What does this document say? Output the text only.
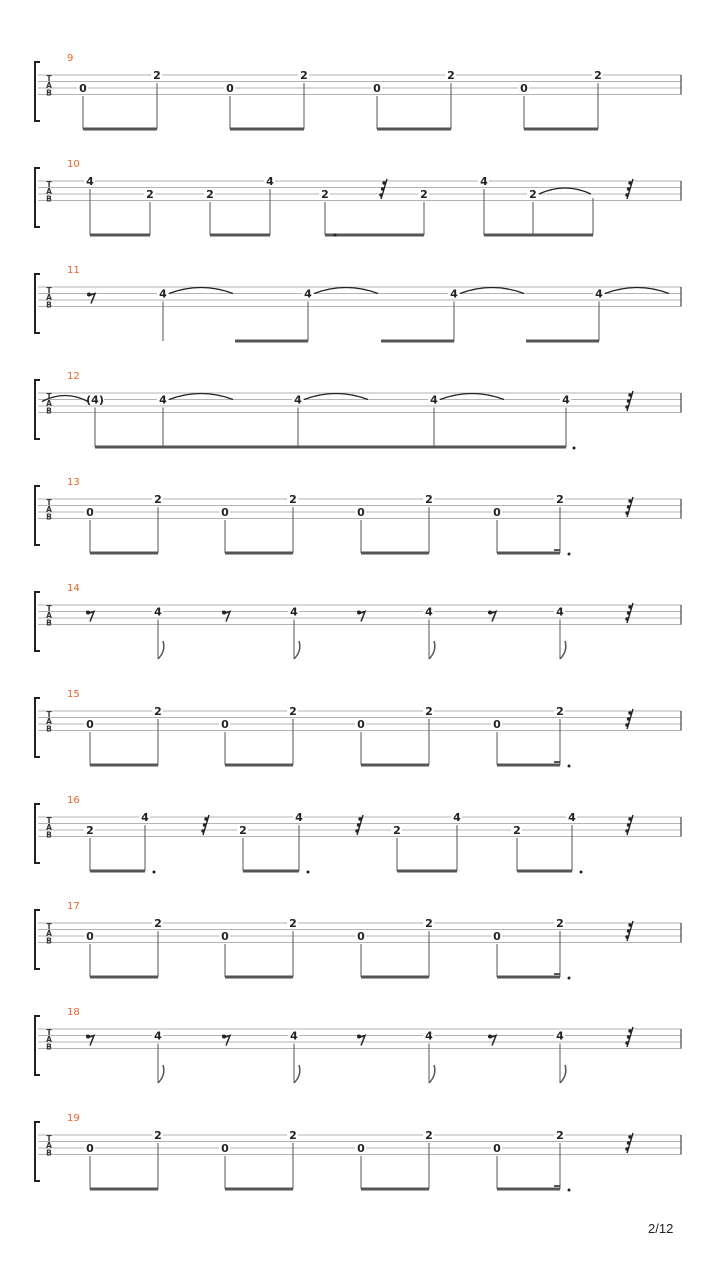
T
A
B
9
0
2
0
2
0
2
0
2
T
A
B
10
4
2	2
4
2	2
4
2
T
A
B
11
4	4	4	4
T
A
B
12
(4)	4	4	4	4
T
A
B
13
0
2
0
2
0
2
0
2
T
A
B
14
4	4	4	4
T
A
B
15
0
2
0
2
0
2
0
2
T
A
B
16
2
4
2
4
2
4
2
4
T
A
B
17
0
2
0
2
0
2
0
2
T
A
B
18
4	4	4	4
T
A
B
19
0
2
0
2
0
2
0
2
2/12
